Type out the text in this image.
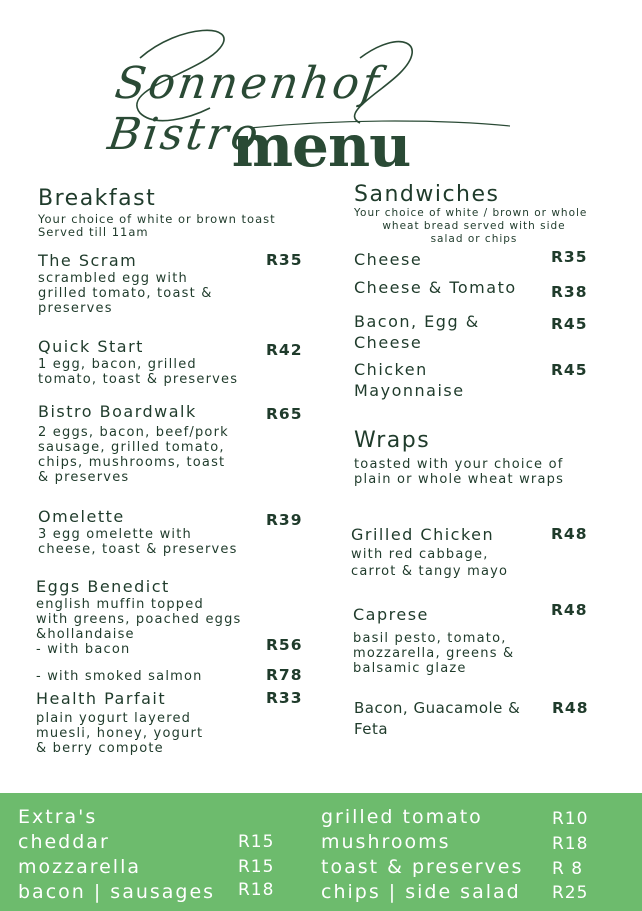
Sonnenhof Bistro
menu
Breakfast
Your choice of white or brown toast
Served till 11am
The Scram
scrambled egg with
grilled tomato, toast &
preserves
R35
Quick Start
1 egg, bacon, grilled
tomato, toast & preserves
R42
Bistro Boardwalk
2 eggs, bacon, beef/pork
sausage, grilled tomato,
chips, mushrooms, toast
& preserves
R65
Omelette
3 egg omelette with
cheese, toast & preserves
R39
Eggs Benedict
english muffin topped
with greens, poached eggs
&hollandaise
- with bacon	R56
- with smoked salmon	R78
Health Parfait
plain yogurt layered
muesli, honey, yogurt
& berry compote
R33
Sandwiches
Your choice of white / brown or whole
wheat bread served with side
salad or chips
Cheese	R35
Cheese & Tomato R38
Bacon, Egg &
Cheese
R45
Chicken
Mayonnaise
R45
Wraps
toasted with your choice of
plain or whole wheat wraps
Grilled Chicken
with red cabbage,
carrot & tangy mayo
R48
Caprese
basil pesto, tomato,
mozzarella, greens &
balsamic glaze
R48
Bacon, Guacamole &
Feta
R48
Extra's
cheddar	R15
mozzarella	R15
bacon | sausages R18
grilled tomato	R10
mushrooms	R18
toast & preserves R 8
chips | side salad R25
